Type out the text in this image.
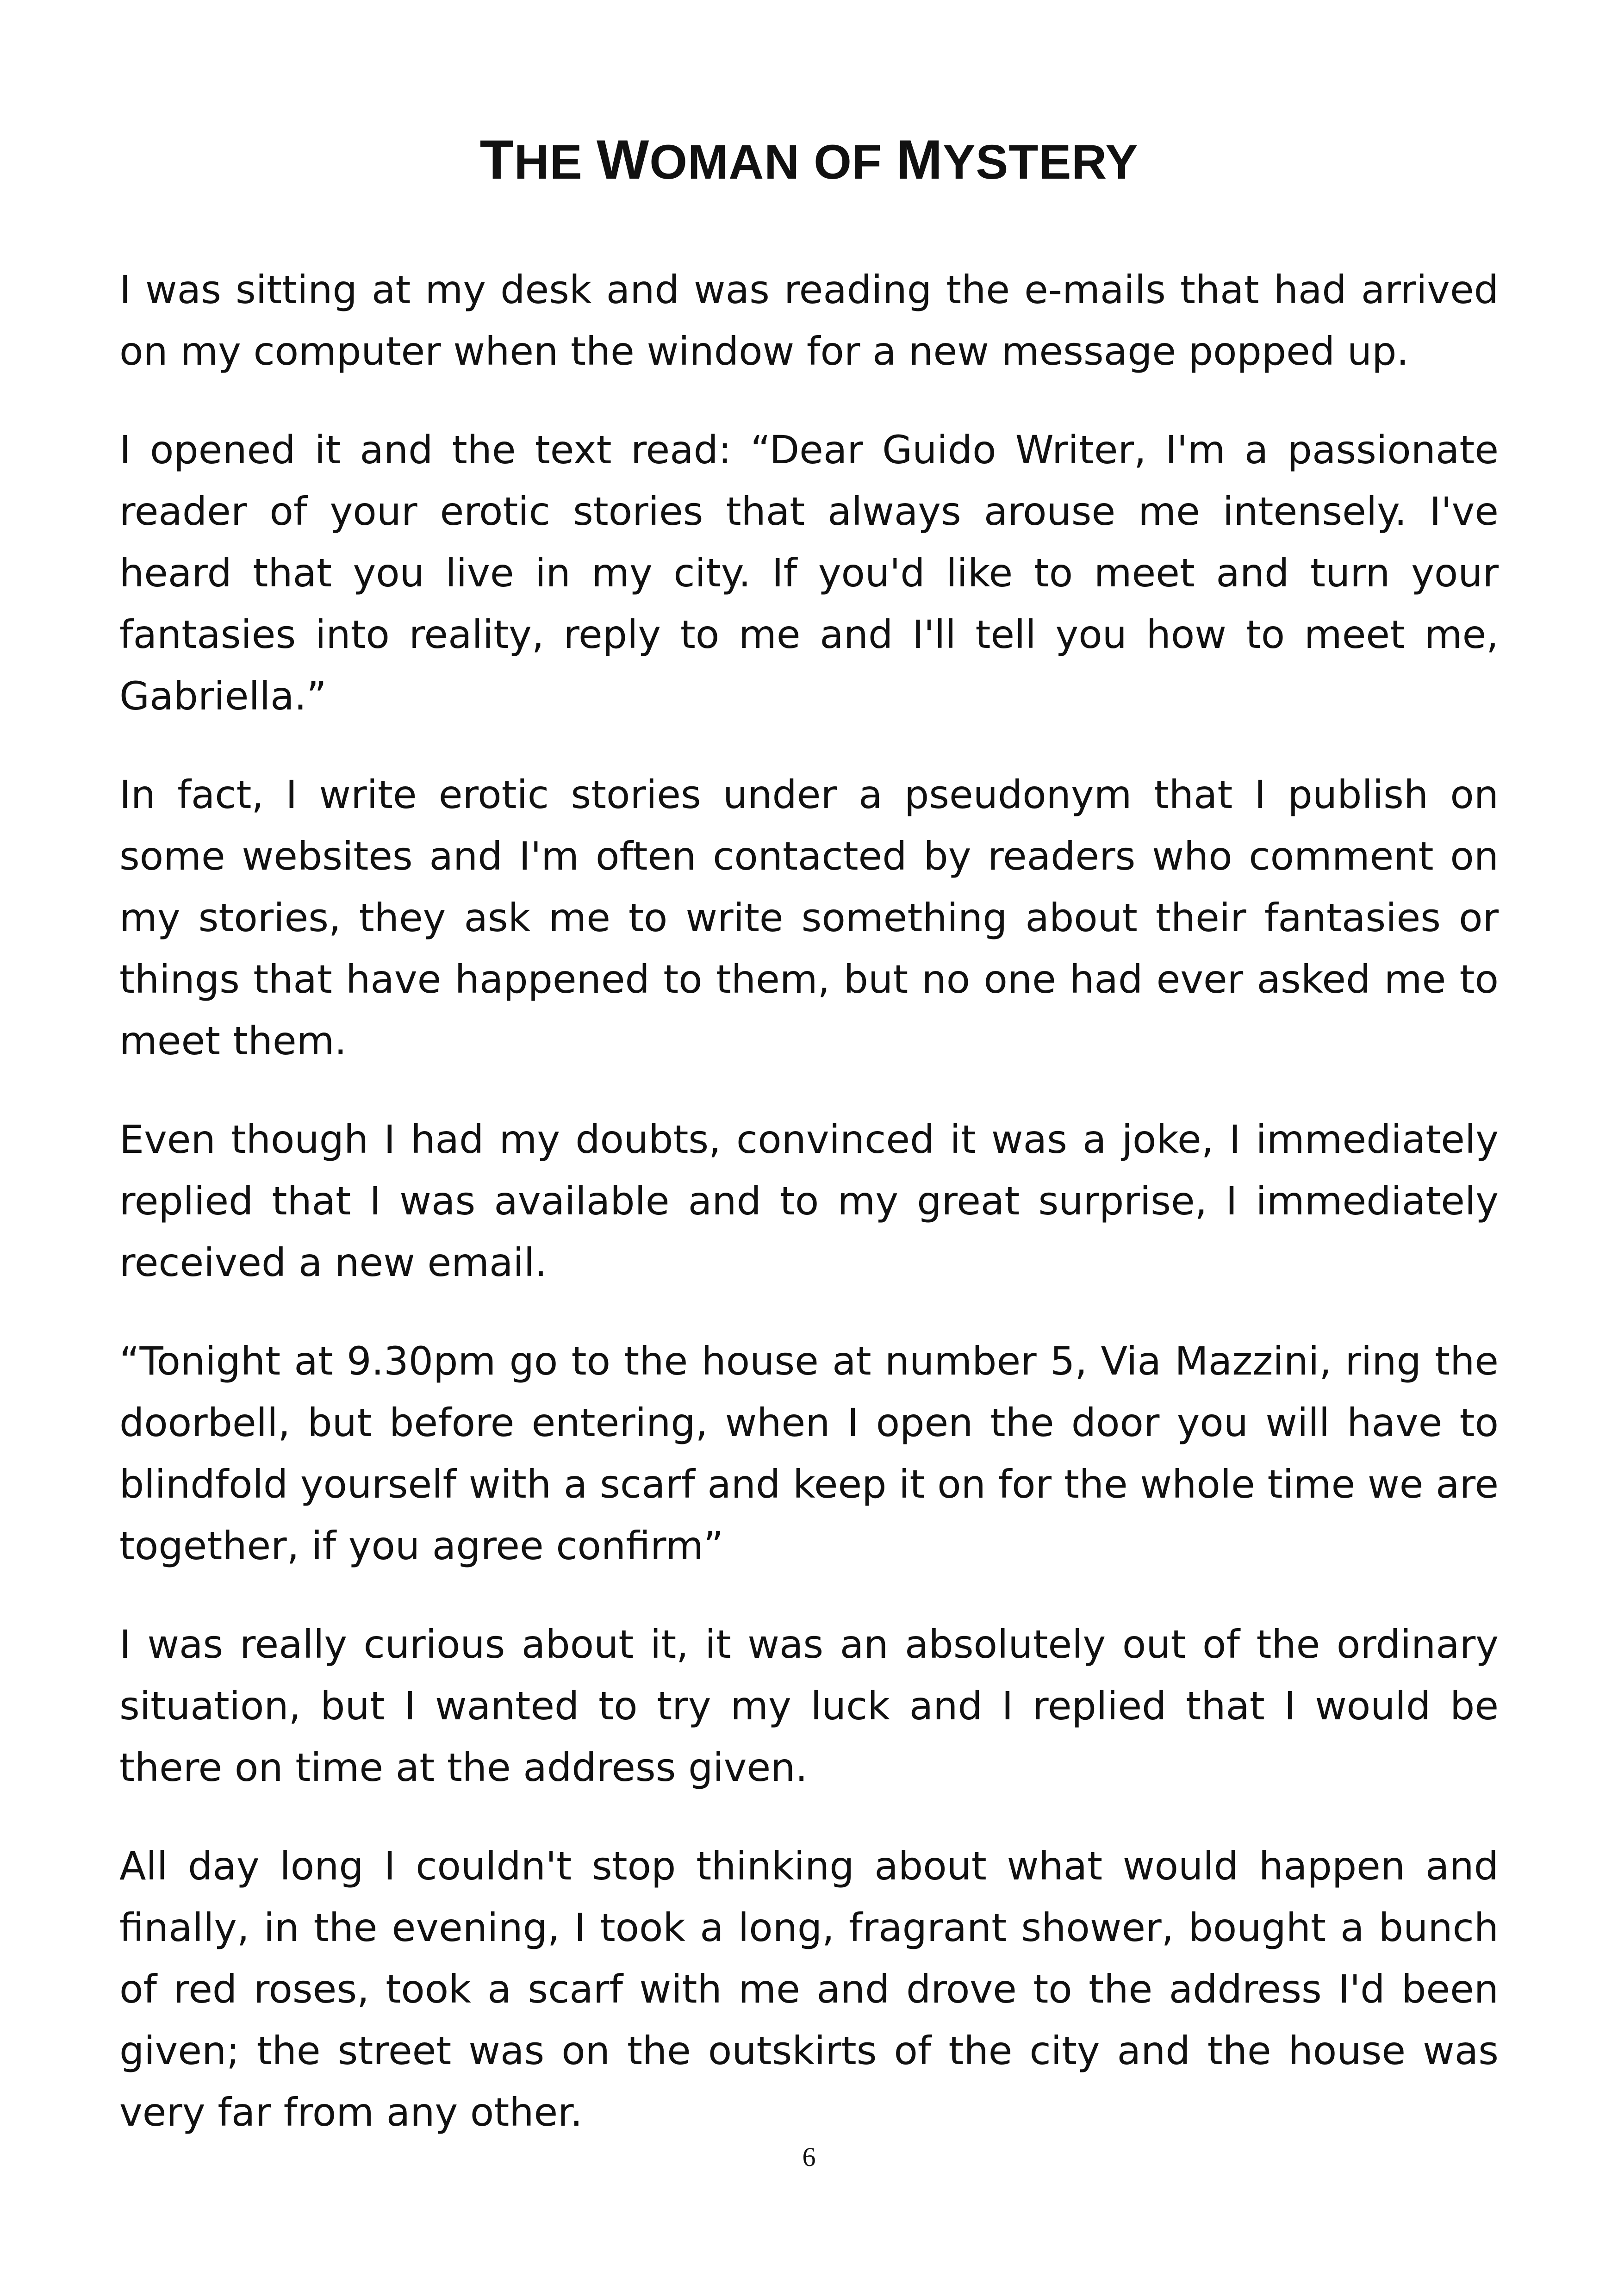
THE WOMAN OF MYSTERY

I was sitting at my desk and was reading the e-mails that had arrived on my computer when the window for a new message popped up.

I opened it and the text read: “Dear Guido Writer, I'm a passionate reader of your erotic stories that always arouse me intensely. I've heard that you live in my city. If you'd like to meet and turn your fantasies into reality, reply to me and I'll tell you how to meet me, Gabriella.”

In fact, I write erotic stories under a pseudonym that I publish on some websites and I'm often contacted by readers who comment on my stories, they ask me to write something about their fantasies or things that have happened to them, but no one had ever asked me to meet them.

Even though I had my doubts, convinced it was a joke, I immediately replied that I was available and to my great surprise, I immediately received a new email.

“Tonight at 9.30pm go to the house at number 5, Via Mazzini, ring the doorbell, but before entering, when I open the door you will have to blindfold yourself with a scarf and keep it on for the whole time we are together, if you agree confirm”

I was really curious about it, it was an absolutely out of the ordinary situation, but I wanted to try my luck and I replied that I would be there on time at the address given.

All day long I couldn't stop thinking about what would happen and finally, in the evening, I took a long, fragrant shower, bought a bunch of red roses, took a scarf with me and drove to the address I'd been given; the street was on the outskirts of the city and the house was very far from any other.

6
